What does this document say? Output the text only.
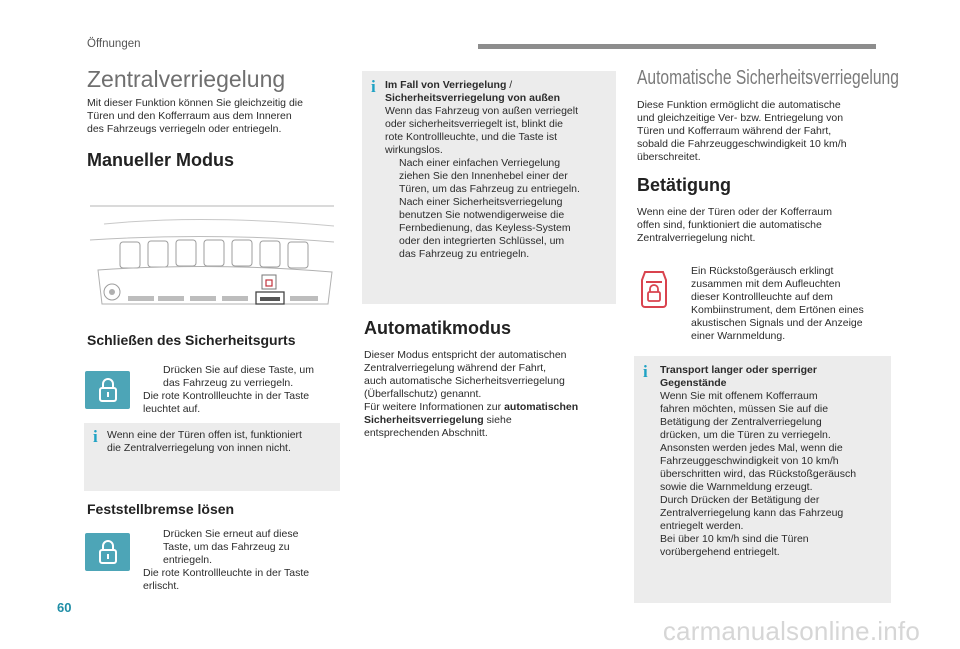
Öffnungen
Zentralverriegelung

Mit dieser Funktion können Sie gleichzeitig die

Türen und den Kofferraum aus dem Inneren

des Fahrzeugs verriegeln oder entriegeln.

Manueller Modus
Schließen des Sicherheitsgurts

Drücken Sie auf diese Taste, um

das Fahrzeug zu verriegeln.

Die rote Kontrollleuchte in der Taste

leuchtet auf.

i Wenn eine der Türen offen ist, funktioniert

die Zentralverriegelung von innen nicht.

Feststellbremse lösen

Drücken Sie erneut auf diese

Taste, um das Fahrzeug zu

entriegeln.

Die rote Kontrollleuchte in der Taste

erlischt.

i Im Fall von Verriegelung /

Sicherheitsverriegelung von außen

Wenn das Fahrzeug von außen verriegelt

oder sicherheitsverriegelt ist, blinkt die

rote Kontrollleuchte, und die Taste ist

wirkungslos.

Nach einer einfachen Verriegelung

ziehen Sie den Innenhebel einer der

Türen, um das Fahrzeug zu entriegeln.

Nach einer Sicherheitsverriegelung

benutzen Sie notwendigerweise die

Fernbedienung, das Keyless-System

oder den integrierten Schlüssel, um

das Fahrzeug zu entriegeln.

Automatikmodus

Dieser Modus entspricht der automatischen

Zentralverriegelung während der Fahrt,

auch automatische Sicherheitsverriegelung

(Überfallschutz) genannt.

Für weitere Informationen zur automatischen

Sicherheitsverriegelung siehe

entsprechenden Abschnitt.

Automatische Sicherheitsverriegelung

Diese Funktion ermöglicht die automatische

und gleichzeitige Ver- bzw. Entriegelung von

Türen und Kofferraum während der Fahrt,

sobald die Fahrzeuggeschwindigkeit 10 km/h

überschreitet.

Betätigung

Wenn eine der Türen oder der Kofferraum

offen sind, funktioniert die automatische

Zentralverriegelung nicht.

Ein Rückstoßgeräusch erklingt

zusammen mit dem Aufleuchten

dieser Kontrollleuchte auf dem

Kombiinstrument, dem Ertönen eines

akustischen Signals und der Anzeige

einer Warnmeldung.

i Transport langer oder sperriger

Gegenstände

Wenn Sie mit offenem Kofferraum

fahren möchten, müssen Sie auf die

Betätigung der Zentralverriegelung

drücken, um die Türen zu verriegeln.

Ansonsten werden jedes Mal, wenn die

Fahrzeuggeschwindigkeit von 10 km/h

überschritten wird, das Rückstoßgeräusch

sowie die Warnmeldung erzeugt.

Durch Drücken der Betätigung der

Zentralverriegelung kann das Fahrzeug

entriegelt werden.

Bei über 10 km/h sind die Türen

vorübergehend entriegelt.

60
carmanualsonline.info
